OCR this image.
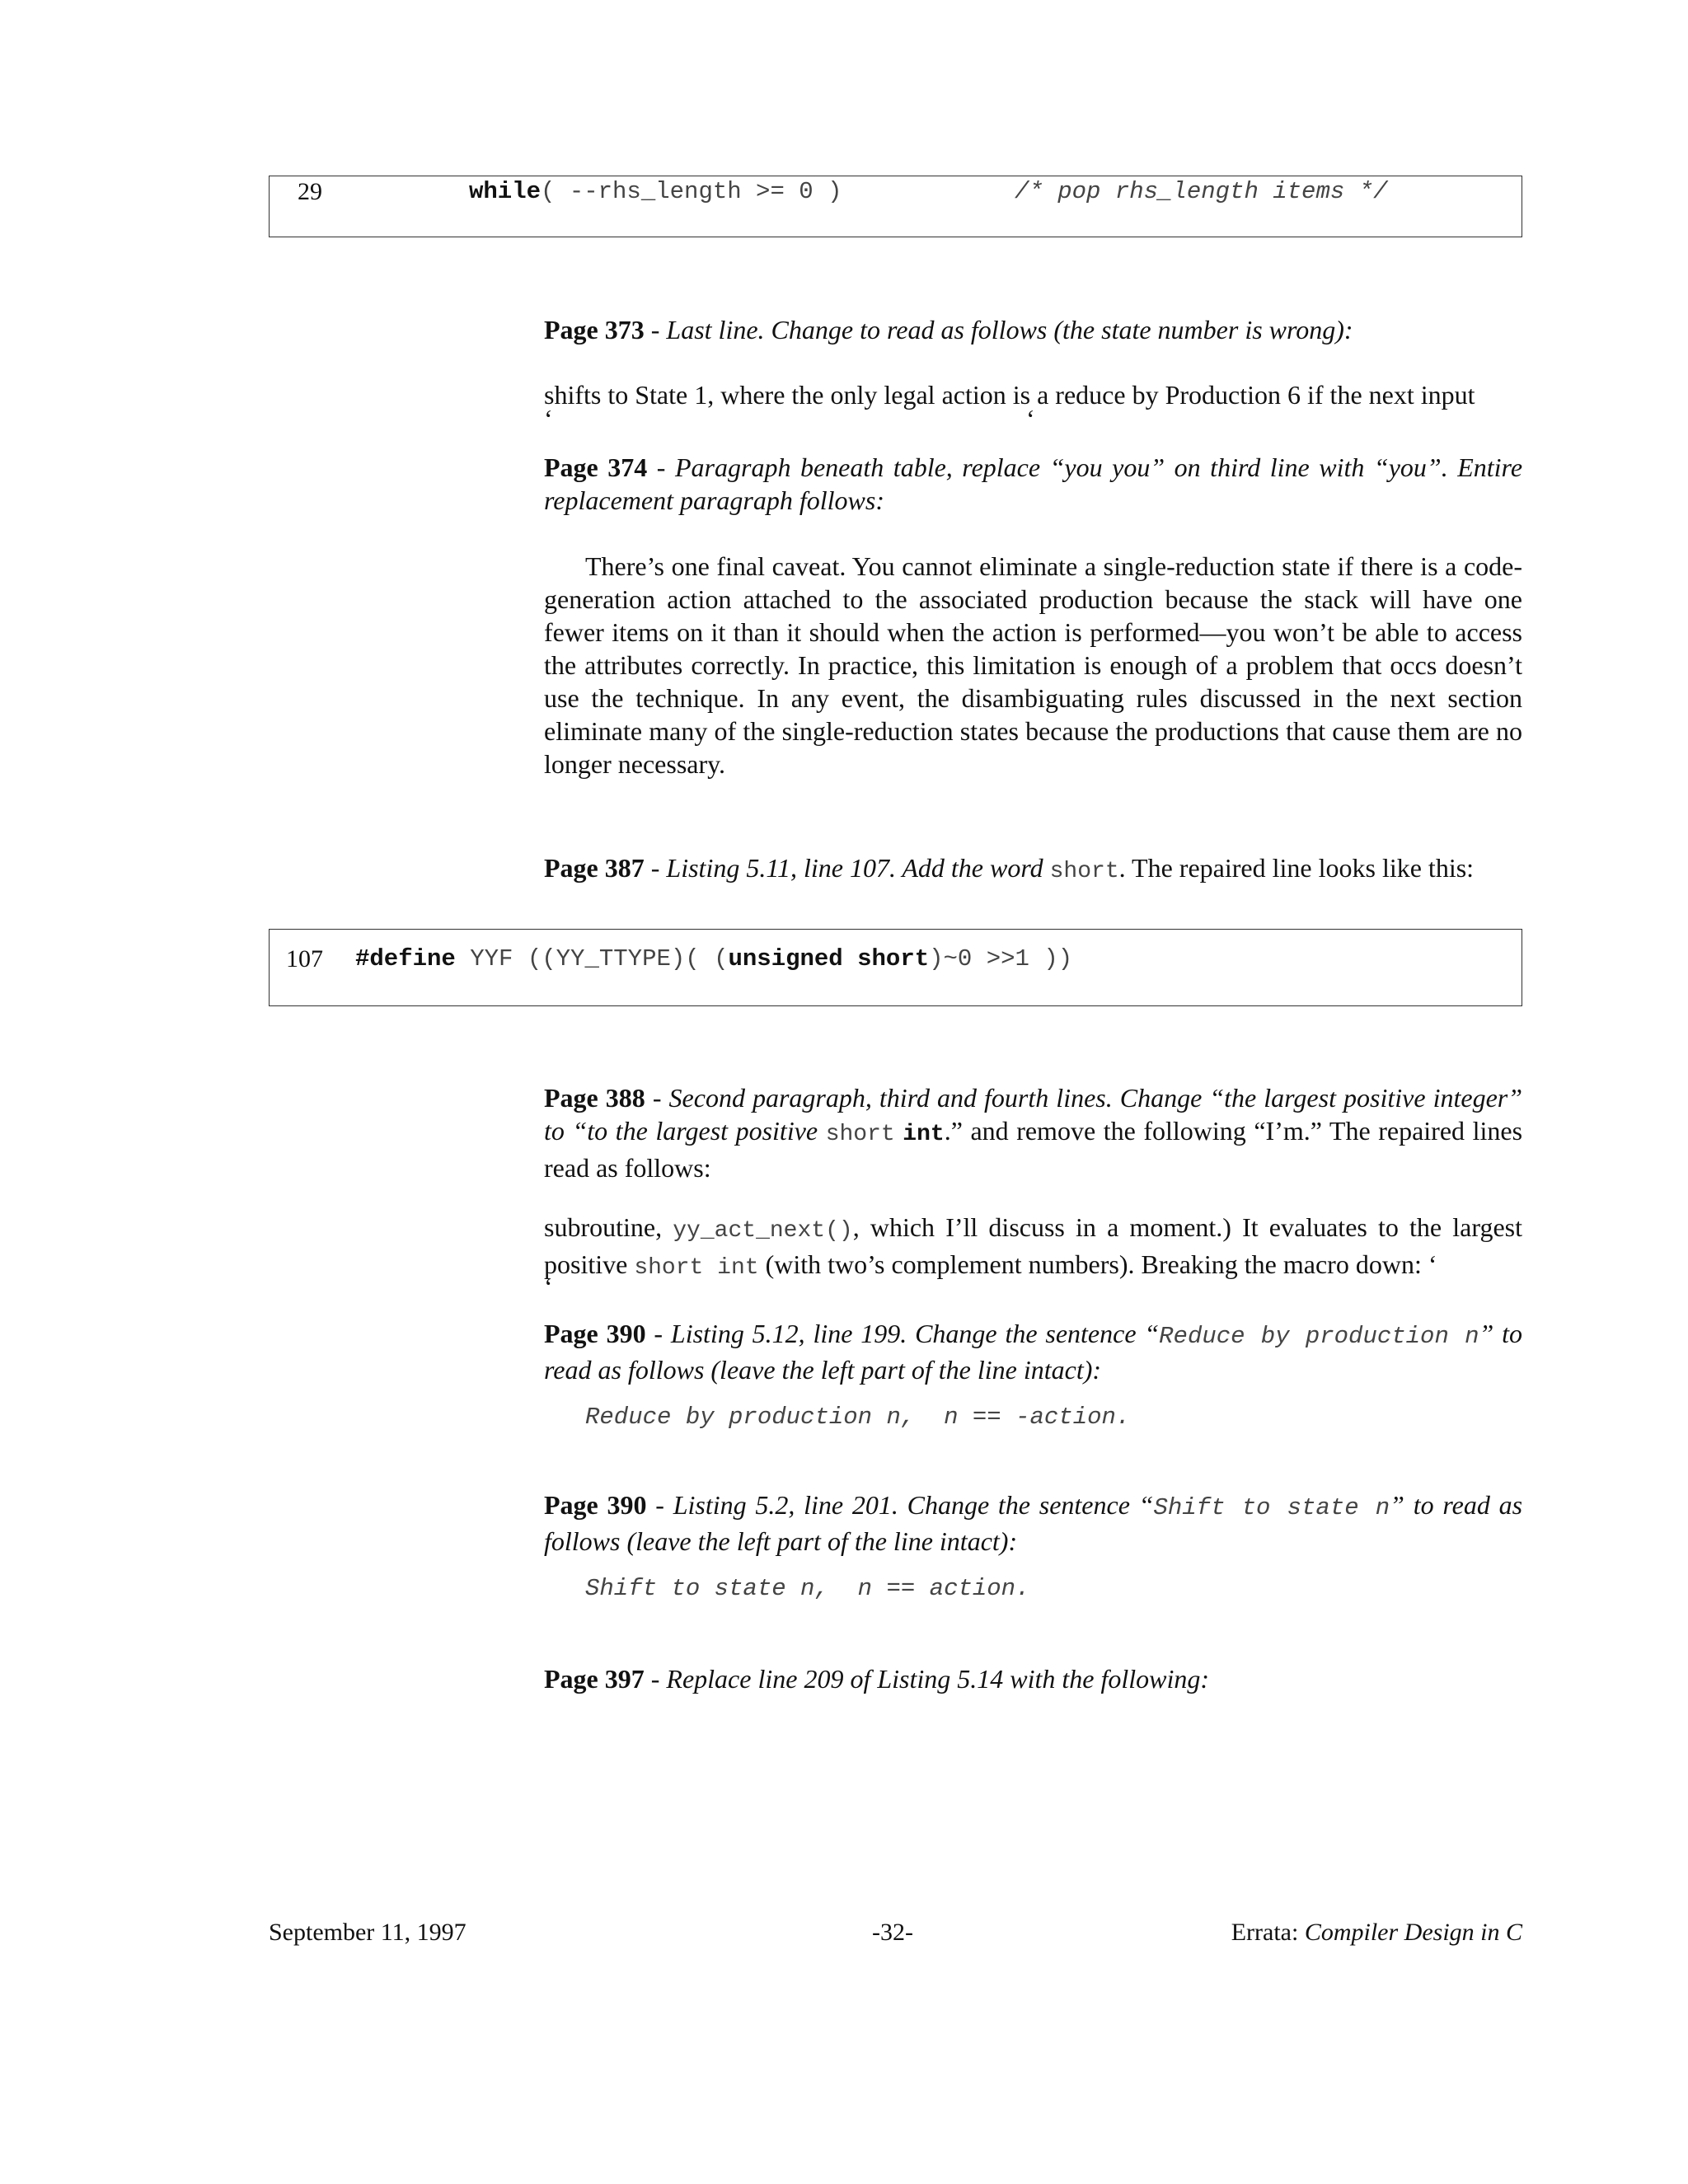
29	while( --rhs_length >= 0 )	/* pop rhs_length items */
Page 373 - Last line. Change to read as follows (the state number is wrong):
shifts to State 1, where the only legal action is a reduce by Production 6 if the next input
‘	‘
Page 374 - Paragraph beneath table, replace “you you” on third line with “you”. Entire replacement paragraph follows:
There’s one final caveat. You cannot eliminate a single-reduction state if there is a code-generation action attached to the associated production because the stack will have one fewer items on it than it should when the action is performed—you won’t be able to access the attributes correctly. In practice, this limitation is enough of a problem that occs doesn’t use the technique. In any event, the disambiguating rules discussed in the next section eliminate many of the single-reduction states because the productions that cause them are no longer necessary.
Page 387 - Listing 5.11, line 107. Add the word short. The repaired line looks like this:
107 #define YYF ((YY_TTYPE)( (unsigned short)~0 >>1 ))
Page 388 - Second paragraph, third and fourth lines. Change “the largest positive integer” to “to the largest positive short int.” and remove the following “I’m.” The repaired lines read as follows:
subroutine, yy_act_next(), which I’ll discuss in a moment.) It evaluates to the largest positive short int (with two’s complement numbers). Breaking the macro down: ‘
‘
Page 390 - Listing 5.12, line 199. Change the sentence “Reduce by production n” to read as follows (leave the left part of the line intact):
Reduce by production n,  n == -action.
Page 390 - Listing 5.2, line 201. Change the sentence “Shift to state n” to read as follows (leave the left part of the line intact):
Shift to state n,  n == action.
Page 397 - Replace line 209 of Listing 5.14 with the following:
September 11, 1997	-32-	Errata: Compiler Design in C
